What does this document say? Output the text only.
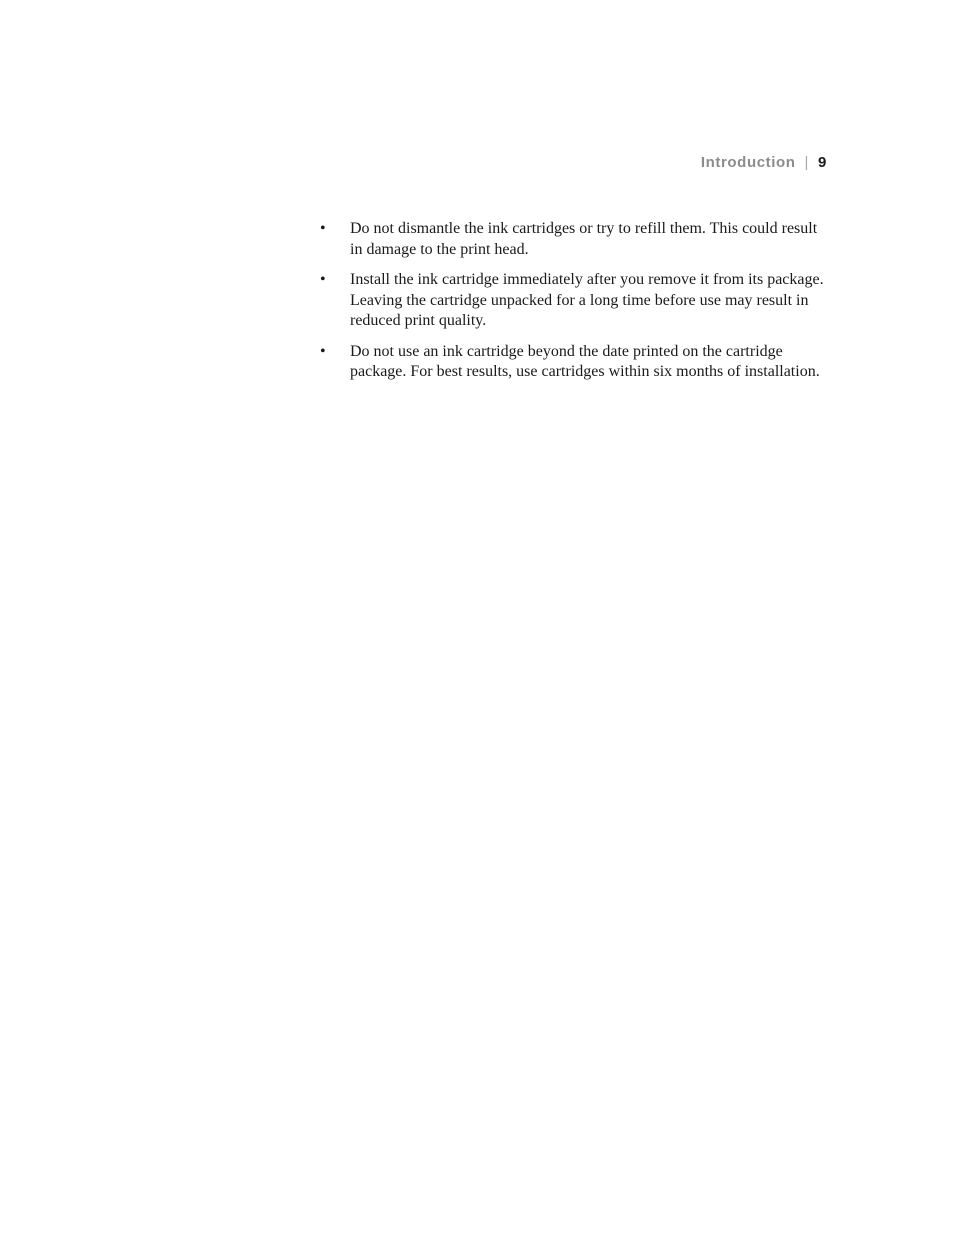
Introduction | 9
•	Do not dismantle the ink cartridges or try to refill them. This could result in damage to the print head.
•	Install the ink cartridge immediately after you remove it from its package. Leaving the cartridge unpacked for a long time before use may result in reduced print quality.
•	Do not use an ink cartridge beyond the date printed on the cartridge package. For best results, use cartridges within six months of installation.
